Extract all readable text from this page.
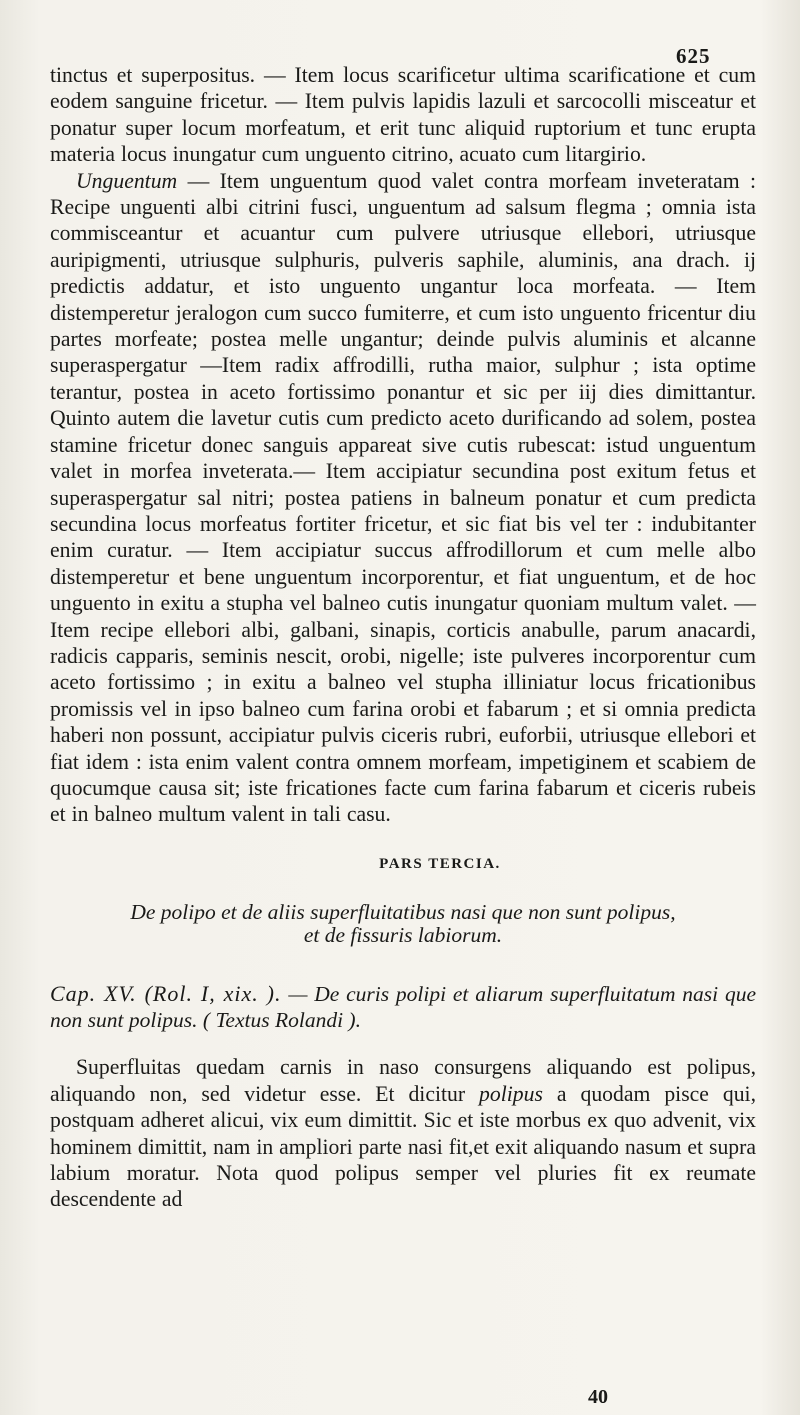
625

tinctus et superpositus. — Item locus scarificetur ultima scarificatione et cum eodem sanguine fricetur. — Item pulvis lapidis lazuli et sarcocolli misceatur et ponatur super locum morfeatum, et erit tunc aliquid ruptorium et tunc erupta materia locus inungatur cum unguento citrino, acuato cum litargirio.

Unguentum — Item unguentum quod valet contra morfeam inveteratam : Recipe unguenti albi citrini fusci, unguentum ad salsum flegma ; omnia ista commisceantur et acuantur cum pulvere utriusque ellebori, utriusque auripigmenti, utriusque sulphuris, pulveris saphile, aluminis, ana drach. ij predictis addatur, et isto unguento ungantur loca morfeata. — Item distemperetur jeralogon cum succo fumiterre, et cum isto unguento fricentur diu partes morfeate; postea melle ungantur; deinde pulvis aluminis et alcanne superaspergatur —Item radix affrodilli, rutha maior, sulphur ; ista optime terantur, postea in aceto fortissimo ponantur et sic per iij dies dimittantur. Quinto autem die lavetur cutis cum predicto aceto durificando ad solem, postea stamine fricetur donec sanguis appareat sive cutis rubescat: istud unguentum valet in morfea inveterata.— Item accipiatur secundina post exitum fetus et superaspergatur sal nitri; postea patiens in balneum ponatur et cum predicta secundina locus morfeatus fortiter fricetur, et sic fiat bis vel ter : indubitanter enim curatur. — Item accipiatur succus affrodillorum et cum melle albo distemperetur et bene unguentum incorporentur, et fiat unguentum, et de hoc unguento in exitu a stupha vel balneo cutis inungatur quoniam multum valet. — Item recipe ellebori albi, galbani, sinapis, corticis anabulle, parum anacardi, radicis capparis, seminis nescit, orobi, nigelle; iste pulveres incorporentur cum aceto fortissimo ; in exitu a balneo vel stupha illiniatur locus fricationibus promissis vel in ipso balneo cum farina orobi et fabarum ; et si omnia predicta haberi non possunt, accipiatur pulvis ciceris rubri, euforbii, utriusque ellebori et fiat idem : ista enim valent contra omnem morfeam, impetiginem et scabiem de quocumque causa sit; iste fricationes facte cum farina fabarum et ciceris rubeis et in balneo multum valent in tali casu.

PARS TERCIA.

De polipo et de aliis superfluitatibus nasi que non sunt polipus,

et de fissuris labiorum.

Cap. XV. (Rol. I, xix. ). — De curis polipi et aliarum superfluitatum nasi que non sunt polipus. ( Textus Rolandi ).

Superfluitas quedam carnis in naso consurgens aliquando est polipus, aliquando non, sed videtur esse. Et dicitur polipus a quodam pisce qui, postquam adheret alicui, vix eum dimittit. Sic et iste morbus ex quo advenit, vix hominem dimittit, nam in ampliori parte nasi fit,et exit aliquando nasum et supra labium moratur. Nota quod polipus semper vel pluries fit ex reumate descendente ad

40
